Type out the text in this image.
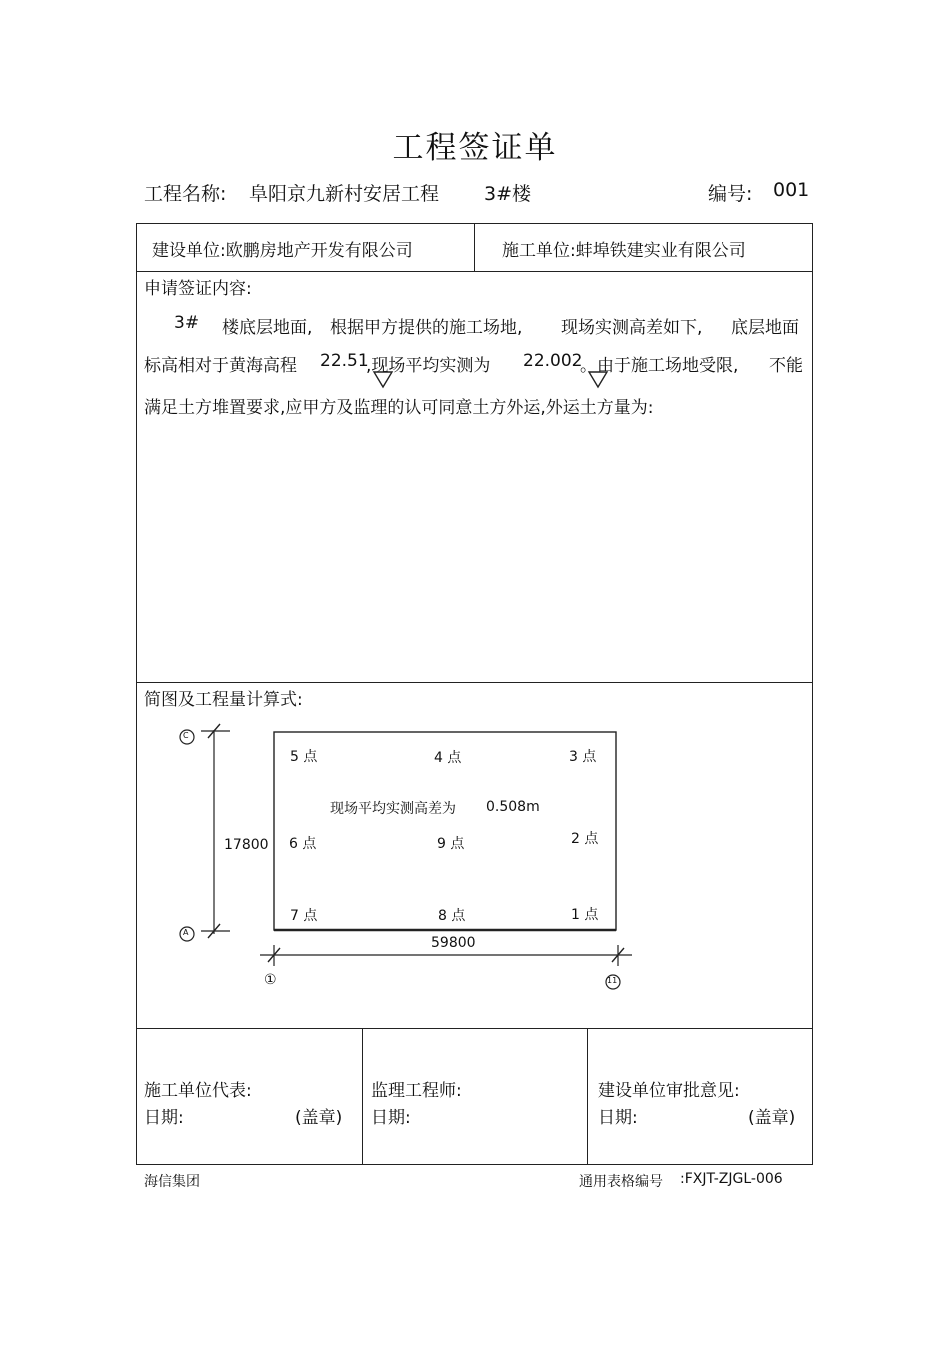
工程签证单
工程名称: 阜阳京九新村安居工程 3#楼	编号: 001
建设单位:欧鹏房地产开发有限公司	施工单位:蚌埠铁建实业有限公司
申请签证内容:
3# 楼底层地面, 根据甲方提供的施工场地, 现场实测高差如下, 底层地面
标高相对于黄海高程 22.51
,现场平均实测为 22.002
。由于施工场地受限, 不能
满足土方堆置要求,应甲方及监理的认可同意土方外运,外运土方量为:
简图及工程量计算式:
C
A
①	11
17800
59800
5 点	4 点	3 点
6 点	9 点	2 点
7 点	8 点	1 点
现场平均实测高差为 0.508m
施工单位代表:
日期:	(盖章)
监理工程师:
日期:
建设单位审批意见:
日期:	(盖章)
海信集团	通用表格编号 :FXJT-ZJGL-006
